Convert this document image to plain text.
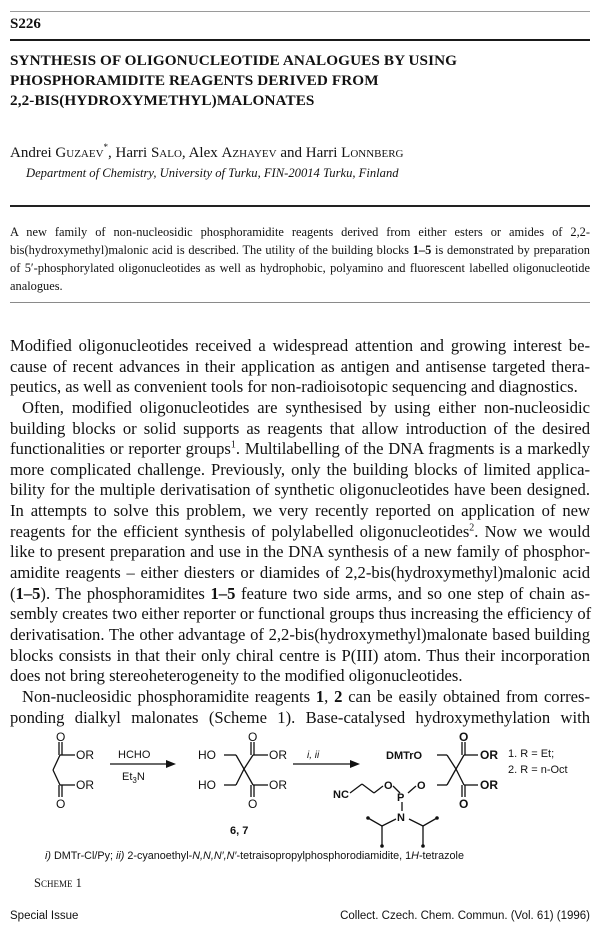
S226
SYNTHESIS OF OLIGONUCLEOTIDE ANALOGUES BY USING
PHOSPHORAMIDITE REAGENTS DERIVED FROM
2,2-BIS(HYDROXYMETHYL)MALONATES
Andrei Guzaev*, Harri Salo, Alex Azhayev and Harri Lonnberg
Department of Chemistry, University of Turku, FIN-20014 Turku, Finland

A new family of non-nucleosidic phosphoramidite reagents derived from either esters or amides of 2,2-bis(hydroxymethyl)malonic acid is described. The utility of the building blocks 1–5 is demonstrated by preparation of 5′-phosphorylated oligonucleotides as well as hydrophobic, polyamino and fluorescent labelled oligonucleotide analogues.

Modified oligonucleotides received a widespread attention and growing interest be-
cause of recent advances in their application as antigen and antisense targeted thera-
peutics, as well as convenient tools for non-radioisotopic sequencing and diagnostics.
Often, modified oligonucleotides are synthesised by using either non-nucleosidic
building blocks or solid supports as reagents that allow introduction of the desired
functionalities or reporter groups$^1$. Multilabelling of the DNA fragments is a markedly
more complicated challenge. Previously, only the building blocks of limited applica-
bility for the multiple derivatisation of synthetic oligonucleotides have been designed.
In attempts to solve this problem, we very recently reported on application of new
reagents for the efficient synthesis of polylabelled oligonucleotides$^2$. Now we would
like to present preparation and use in the DNA synthesis of a new family of phosphor-
amidite reagents – either diesters or diamides of 2,2-bis(hydroxymethyl)malonic acid
(1–5). The phosphoramidites 1–5 feature two side arms, and so one step of chain as-
sembly creates two either reporter or functional groups thus increasing the efficiency of
derivatisation. The other advantage of 2,2-bis(hydroxymethyl)malonate based building
blocks consists in that their only chiral centre is P(III) atom. Thus their incorporation
does not bring stereoheterogeneity to the modified oligonucleotides.
Non-nucleosidic phosphoramidite reagents 1, 2 can be easily obtained from corres-
ponding dialkyl malonates (Scheme 1). Base-catalysed hydroxymethylation with
O
OR
OR
O
HCHO
$Et_3N$
HO
HO
OR
OR
O
O
6, 7
i, ii	DMTrO
O
OR
OR
O
NC
O
P
O
N
1. R = Et;
2. R = n-Oct
i) DMTr-Cl/Py; ii) 2-cyanoethyl-N,N,N′,N′-tetraisopropylphosphorodiamidite, 1H-tetrazole
Scheme 1
Special Issue	Collect. Czech. Chem. Commun. (Vol. 61) (1996)
